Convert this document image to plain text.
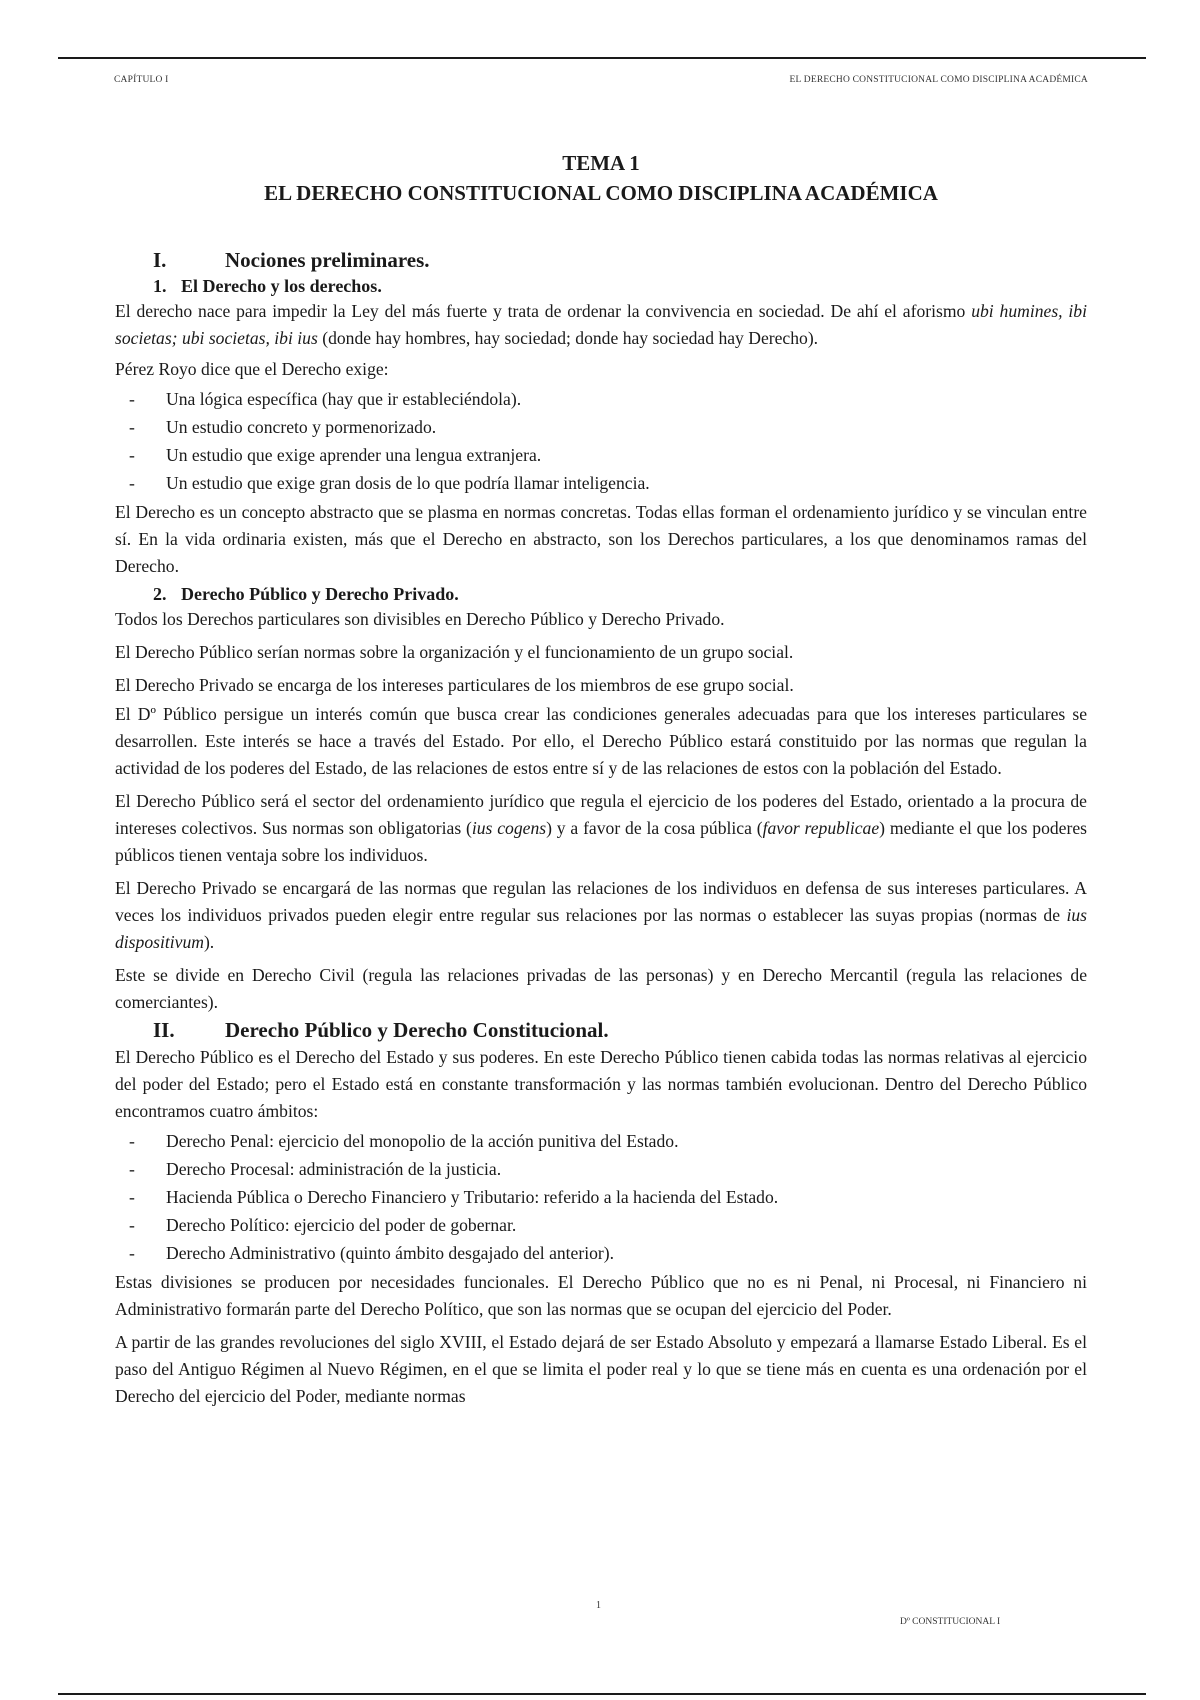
CAPÍTULO I	EL DERECHO CONSTITUCIONAL COMO DISCIPLINA ACADÉMICA
TEMA 1
EL DERECHO CONSTITUCIONAL COMO DISCIPLINA ACADÉMICA
I.	Nociones preliminares.
1. El Derecho y los derechos.

El derecho nace para impedir la Ley del más fuerte y trata de ordenar la convivencia en sociedad. De ahí el aforismo ubi humines, ibi societas; ubi societas, ibi ius (donde hay hombres, hay sociedad; donde hay sociedad hay Derecho).

Pérez Royo dice que el Derecho exige:

- Una lógica específica (hay que ir estableciéndola).
- Un estudio concreto y pormenorizado.
- Un estudio que exige aprender una lengua extranjera.
- Un estudio que exige gran dosis de lo que podría llamar inteligencia.

El Derecho es un concepto abstracto que se plasma en normas concretas. Todas ellas forman el ordenamiento jurídico y se vinculan entre sí. En la vida ordinaria existen, más que el Derecho en abstracto, son los Derechos particulares, a los que denominamos ramas del Derecho.

2. Derecho Público y Derecho Privado.

Todos los Derechos particulares son divisibles en Derecho Público y Derecho Privado.

El Derecho Público serían normas sobre la organización y el funcionamiento de un grupo social.

El Derecho Privado se encarga de los intereses particulares de los miembros de ese grupo social.

El Dº Público persigue un interés común que busca crear las condiciones generales adecuadas para que los intereses particulares se desarrollen. Este interés se hace a través del Estado. Por ello, el Derecho Público estará constituido por las normas que regulan la actividad de los poderes del Estado, de las relaciones de estos entre sí y de las relaciones de estos con la población del Estado.

El Derecho Público será el sector del ordenamiento jurídico que regula el ejercicio de los poderes del Estado, orientado a la procura de intereses colectivos. Sus normas son obligatorias (ius cogens) y a favor de la cosa pública (favor republicae) mediante el que los poderes públicos tienen ventaja sobre los individuos.

El Derecho Privado se encargará de las normas que regulan las relaciones de los individuos en defensa de sus intereses particulares. A veces los individuos privados pueden elegir entre regular sus relaciones por las normas o establecer las suyas propias (normas de ius dispositivum).

Este se divide en Derecho Civil (regula las relaciones privadas de las personas) y en Derecho Mercantil (regula las relaciones de comerciantes).

II. Derecho Público y Derecho Constitucional.

El Derecho Público es el Derecho del Estado y sus poderes. En este Derecho Público tienen cabida todas las normas relativas al ejercicio del poder del Estado; pero el Estado está en constante transformación y las normas también evolucionan. Dentro del Derecho Público encontramos cuatro ámbitos:

- Derecho Penal: ejercicio del monopolio de la acción punitiva del Estado.
- Derecho Procesal: administración de la justicia.
- Hacienda Pública o Derecho Financiero y Tributario: referido a la hacienda del Estado.
- Derecho Político: ejercicio del poder de gobernar.
- Derecho Administrativo (quinto ámbito desgajado del anterior).

Estas divisiones se producen por necesidades funcionales. El Derecho Público que no es ni Penal, ni Procesal, ni Financiero ni Administrativo formarán parte del Derecho Político, que son las normas que se ocupan del ejercicio del Poder.

A partir de las grandes revoluciones del siglo XVIII, el Estado dejará de ser Estado Absoluto y empezará a llamarse Estado Liberal. Es el paso del Antiguo Régimen al Nuevo Régimen, en el que se limita el poder real y lo que se tiene más en cuenta es una ordenación por el Derecho del ejercicio del Poder, mediante normas

1
Dº CONSTITUCIONAL I
